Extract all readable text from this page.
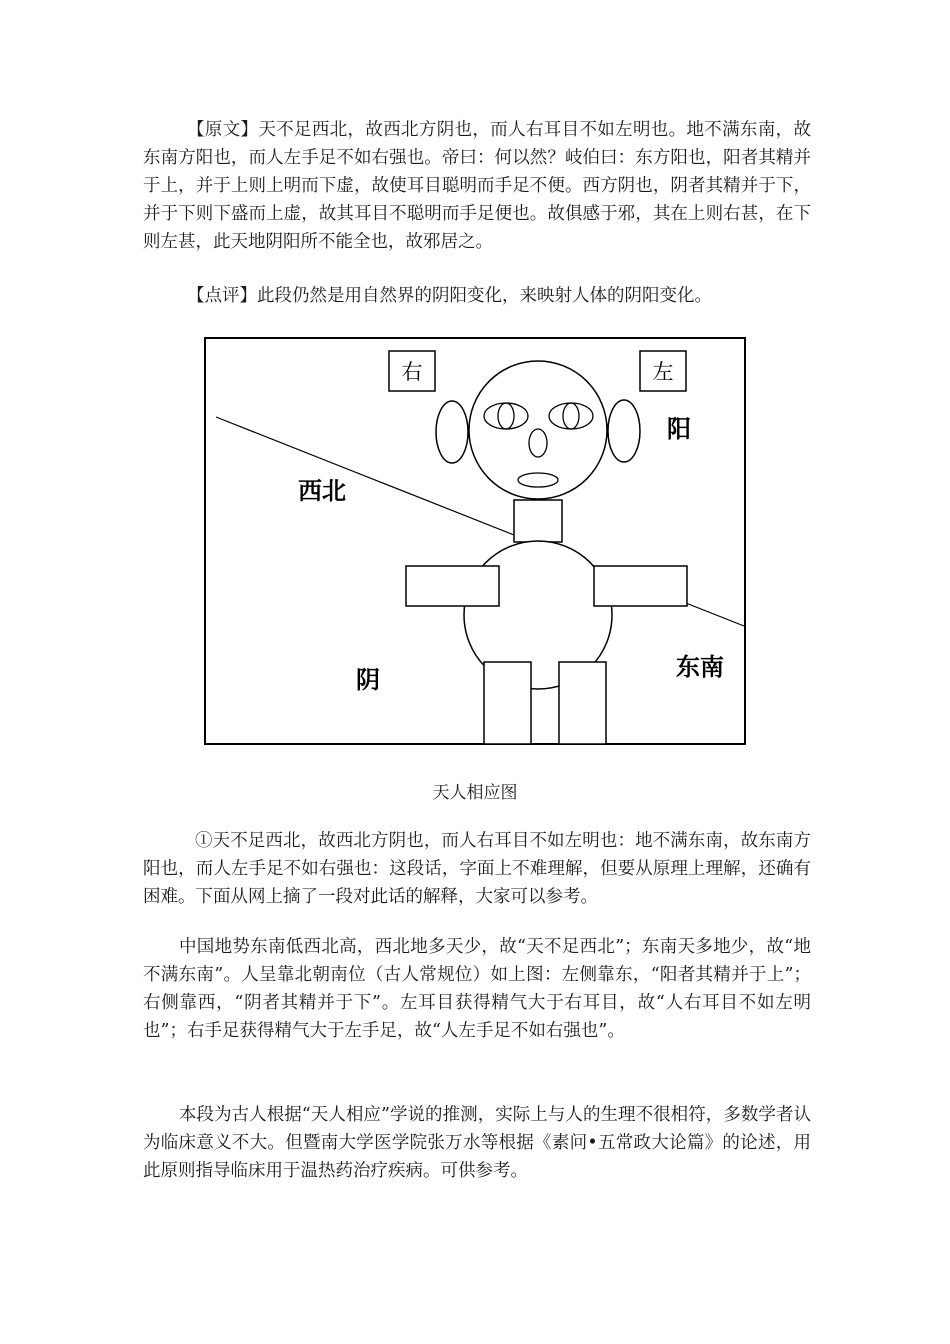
【原文】天不足西北，故西北方阴也，而人右耳目不如左明也。地不满东南，故东南方阳也，而人左手足不如右强也。帝曰：何以然？岐伯曰：东方阳也，阳者其精并于上，并于上则上明而下虚，故使耳目聪明而手足不便。西方阴也，阴者其精并于下，并于下则下盛而上虚，故其耳目不聪明而手足便也。故俱感于邪，其在上则右甚，在下则左甚，此天地阴阳所不能全也，故邪居之。

【点评】此段仍然是用自然界的阴阳变化，来映射人体的阴阳变化。

右	左
阳
西北
阴	东南

天人相应图

①天不足西北，故西北方阴也，而人右耳目不如左明也：地不满东南，故东南方阳也，而人左手足不如右强也：这段话，字面上不难理解，但要从原理上理解，还确有困难。下面从网上摘了一段对此话的解释，大家可以参考。

中国地势东南低西北高，西北地多天少，故“天不足西北”；东南天多地少，故“地不满东南”。人呈靠北朝南位（古人常规位）如上图：左侧靠东，“阳者其精并于上”；右侧靠西，“阴者其精并于下”。左耳目获得精气大于右耳目，故“人右耳目不如左明也”；右手足获得精气大于左手足，故“人左手足不如右强也”。

本段为古人根据“天人相应”学说的推测，实际上与人的生理不很相符，多数学者认为临床意义不大。但暨南大学医学院张万水等根据《素问•五常政大论篇》的论述，用此原则指导临床用于温热药治疗疾病。可供参考。
